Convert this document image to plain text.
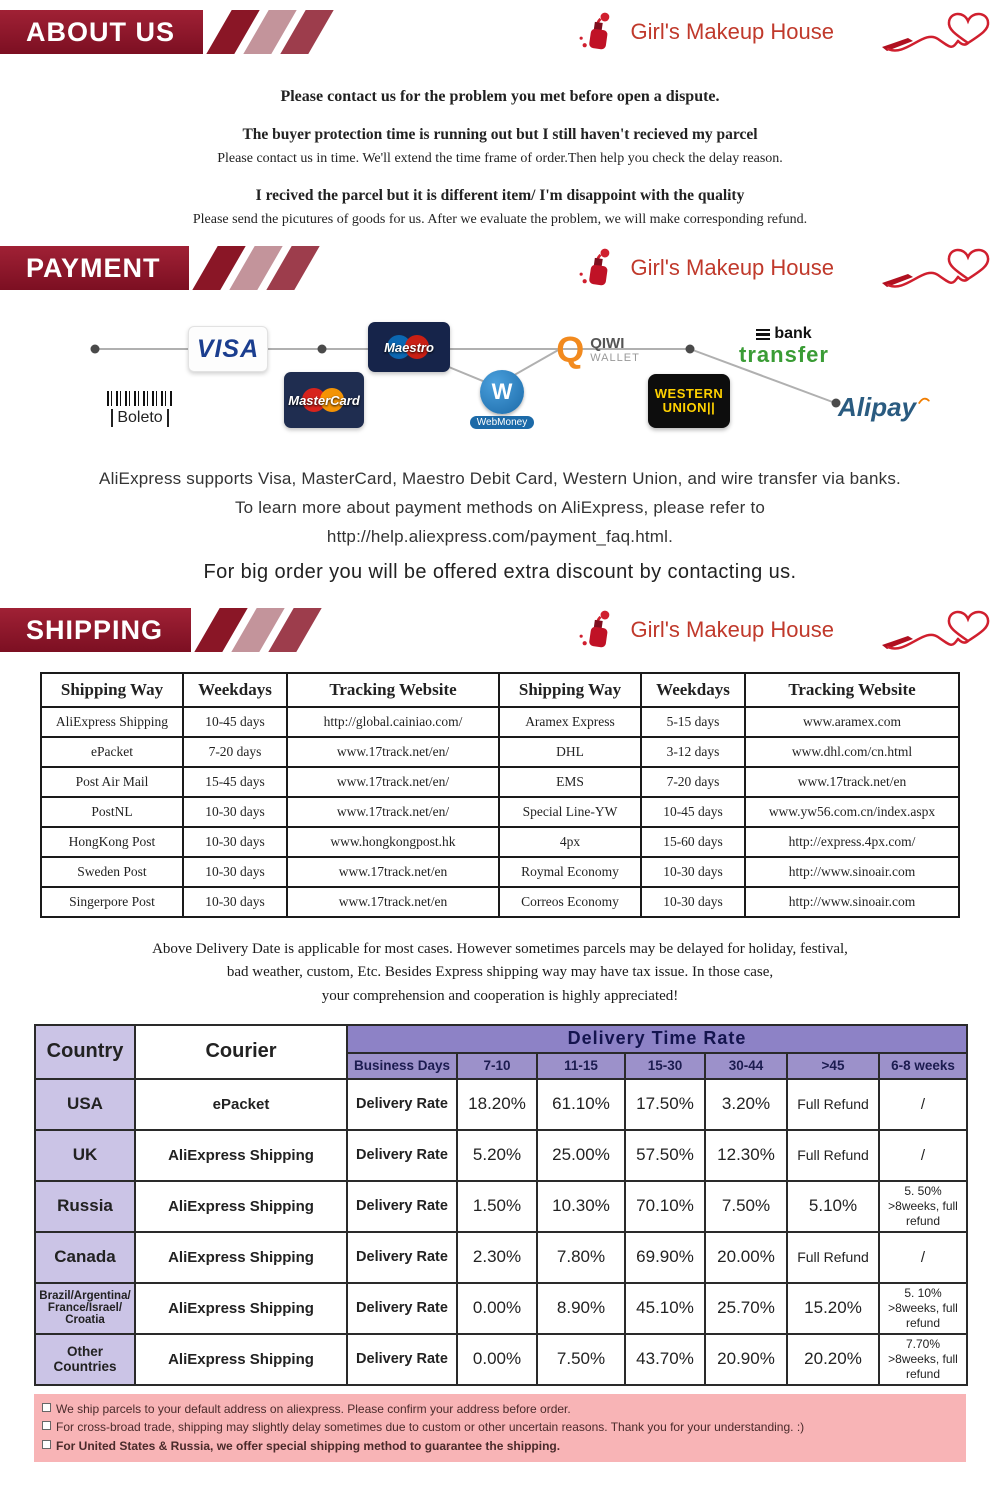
ABOUT US	Girl's Makeup House
Please contact us for the problem you met before open a dispute.
The buyer protection time is running out but I still haven't recieved my parcel
Please contact us in time. We'll extend the time frame of order.Then help you check the delay reason.
I recived the parcel but it is different item/ I'm disappoint with the quality
Please send the picutures of goods for us. After we evaluate the problem, we will make corresponding refund.
PAYMENT	Girl's Makeup House
VISA	Maestro	Q QIWI
WALLET
bank
transfer
Boleto
MasterCard	W
WebMoney
WESTERN
UNION||	Alipay
AliExpress supports Visa, MasterCard, Maestro Debit Card, Western Union, and wire transfer via banks.
To learn more about payment methods on AliExpress, please refer to
http://help.aliexpress.com/payment_faq.html.
For big order you will be offered extra discount by contacting us.
SHIPPING	Girl's Makeup House
Shipping Way	Weekdays	Tracking Website	Shipping Way	Weekdays	Tracking Website
AliExpress Shipping	10-45 days	http://global.cainiao.com/	Aramex Express	5-15 days	www.aramex.com
ePacket	7-20 days	www.17track.net/en/	DHL	3-12 days	www.dhl.com/cn.html
Post Air Mail	15-45 days	www.17track.net/en/	EMS	7-20 days	www.17track.net/en
PostNL	10-30 days	www.17track.net/en/	Special Line-YW	10-45 days	www.yw56.com.cn/index.aspx
HongKong Post	10-30 days	www.hongkongpost.hk	4px	15-60 days	http://express.4px.com/
Sweden Post	10-30 days	www.17track.net/en	Roymal Economy	10-30 days	http://www.sinoair.com
Singerpore Post	10-30 days	www.17track.net/en	Correos Economy	10-30 days	http://www.sinoair.com
Above Delivery Date is applicable for most cases. However sometimes parcels may be delayed for holiday, festival,
bad weather, custom, Etc. Besides Express shipping way may have tax issue. In those case,
your comprehension and cooperation is highly appreciated!
Country	Courier	Delivery Time Rate						
		Business Days	7-10	11-15	15-30	30-44	>45	6-8 weeks
USA	ePacket	Delivery Rate	18.20%	61.10%	17.50%	3.20%	Full Refund	/
UK	AliExpress Shipping	Delivery Rate	5.20%	25.00%	57.50%	12.30%	Full Refund	/
Russia	AliExpress Shipping	Delivery Rate	1.50%	10.30%	70.10%	7.50%	5.10%	5. 50% >8weeks, full refund
Canada	AliExpress Shipping	Delivery Rate	2.30%	7.80%	69.90%	20.00%	Full Refund	/
Brazil/Argentina/ France/Israel/ Croatia	AliExpress Shipping	Delivery Rate	0.00%	8.90%	45.10%	25.70%	15.20%	5. 10% >8weeks, full refund
Other Countries	AliExpress Shipping	Delivery Rate	0.00%	7.50%	43.70%	20.90%	20.20%	7.70% >8weeks, full refund
We ship parcels to your default address on aliexpress. Please confirm your address before order.
For cross-broad trade, shipping may slightly delay sometimes due to custom or other uncertain reasons. Thank you for your understanding. :)
For United States & Russia, we offer special shipping method to guarantee the shipping.
